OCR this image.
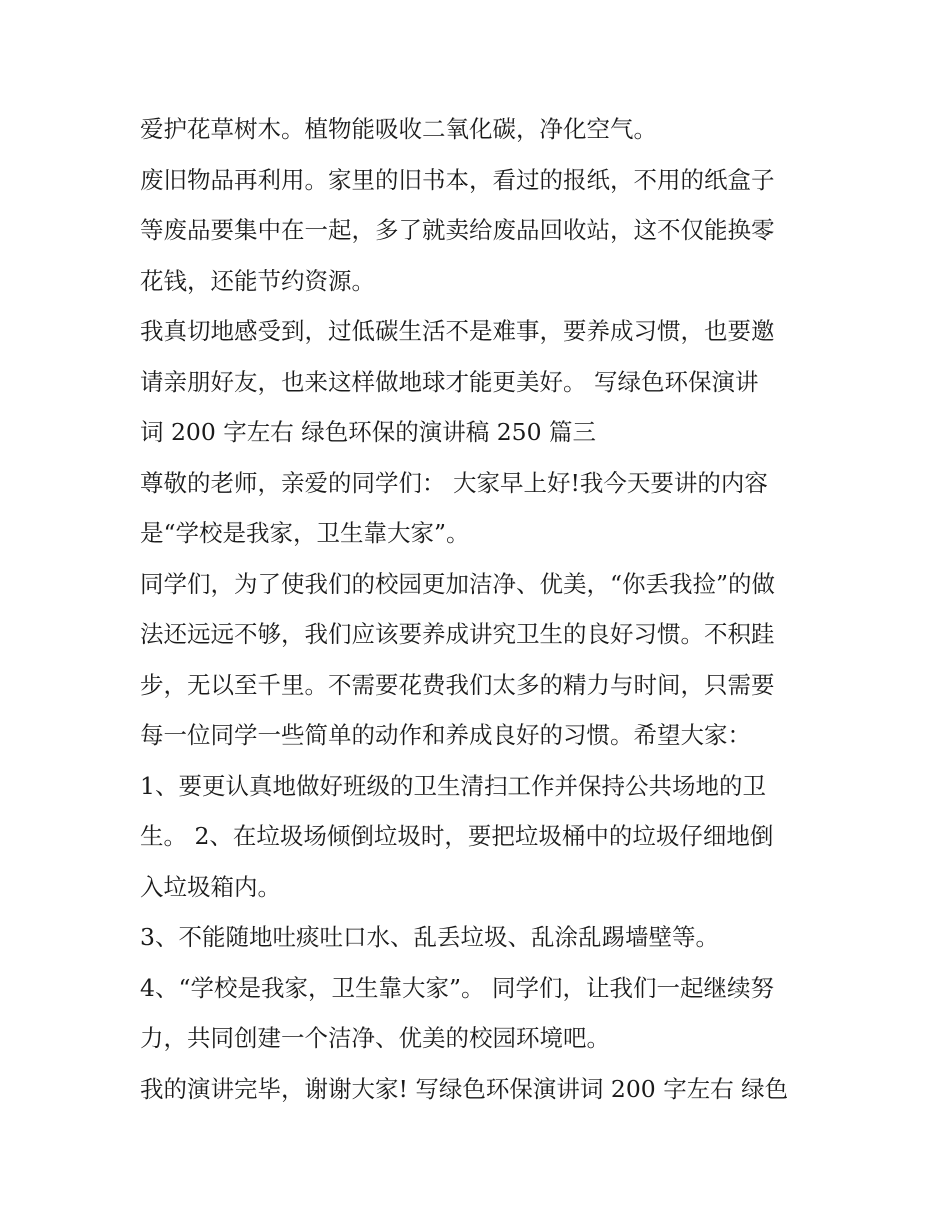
爱护花草树木。植物能吸收二氧化碳，净化空气。
废旧物品再利用。家里的旧书本，看过的报纸，不用的纸盒子
等废品要集中在一起，多了就卖给废品回收站，这不仅能换零
花钱，还能节约资源。
我真切地感受到，过低碳生活不是难事，要养成习惯，也要邀
请亲朋好友，也来这样做地球才能更美好。 写绿色环保演讲
词 200 字左右 绿色环保的演讲稿 250 篇三
尊敬的老师，亲爱的同学们： 大家早上好!我今天要讲的内容
是“学校是我家，卫生靠大家”。
同学们，为了使我们的校园更加洁净、优美，“你丢我捡”的做
法还远远不够，我们应该要养成讲究卫生的良好习惯。不积跬
步，无以至千里。不需要花费我们太多的精力与时间，只需要
每一位同学一些简单的动作和养成良好的习惯。希望大家：
1、要更认真地做好班级的卫生清扫工作并保持公共场地的卫
生。 2、在垃圾场倾倒垃圾时，要把垃圾桶中的垃圾仔细地倒
入垃圾箱内。
3、不能随地吐痰吐口水、乱丢垃圾、乱涂乱踢墙壁等。
4、“学校是我家，卫生靠大家”。 同学们，让我们一起继续努
力，共同创建一个洁净、优美的校园环境吧。
我的演讲完毕，谢谢大家! 写绿色环保演讲词 200 字左右 绿色
